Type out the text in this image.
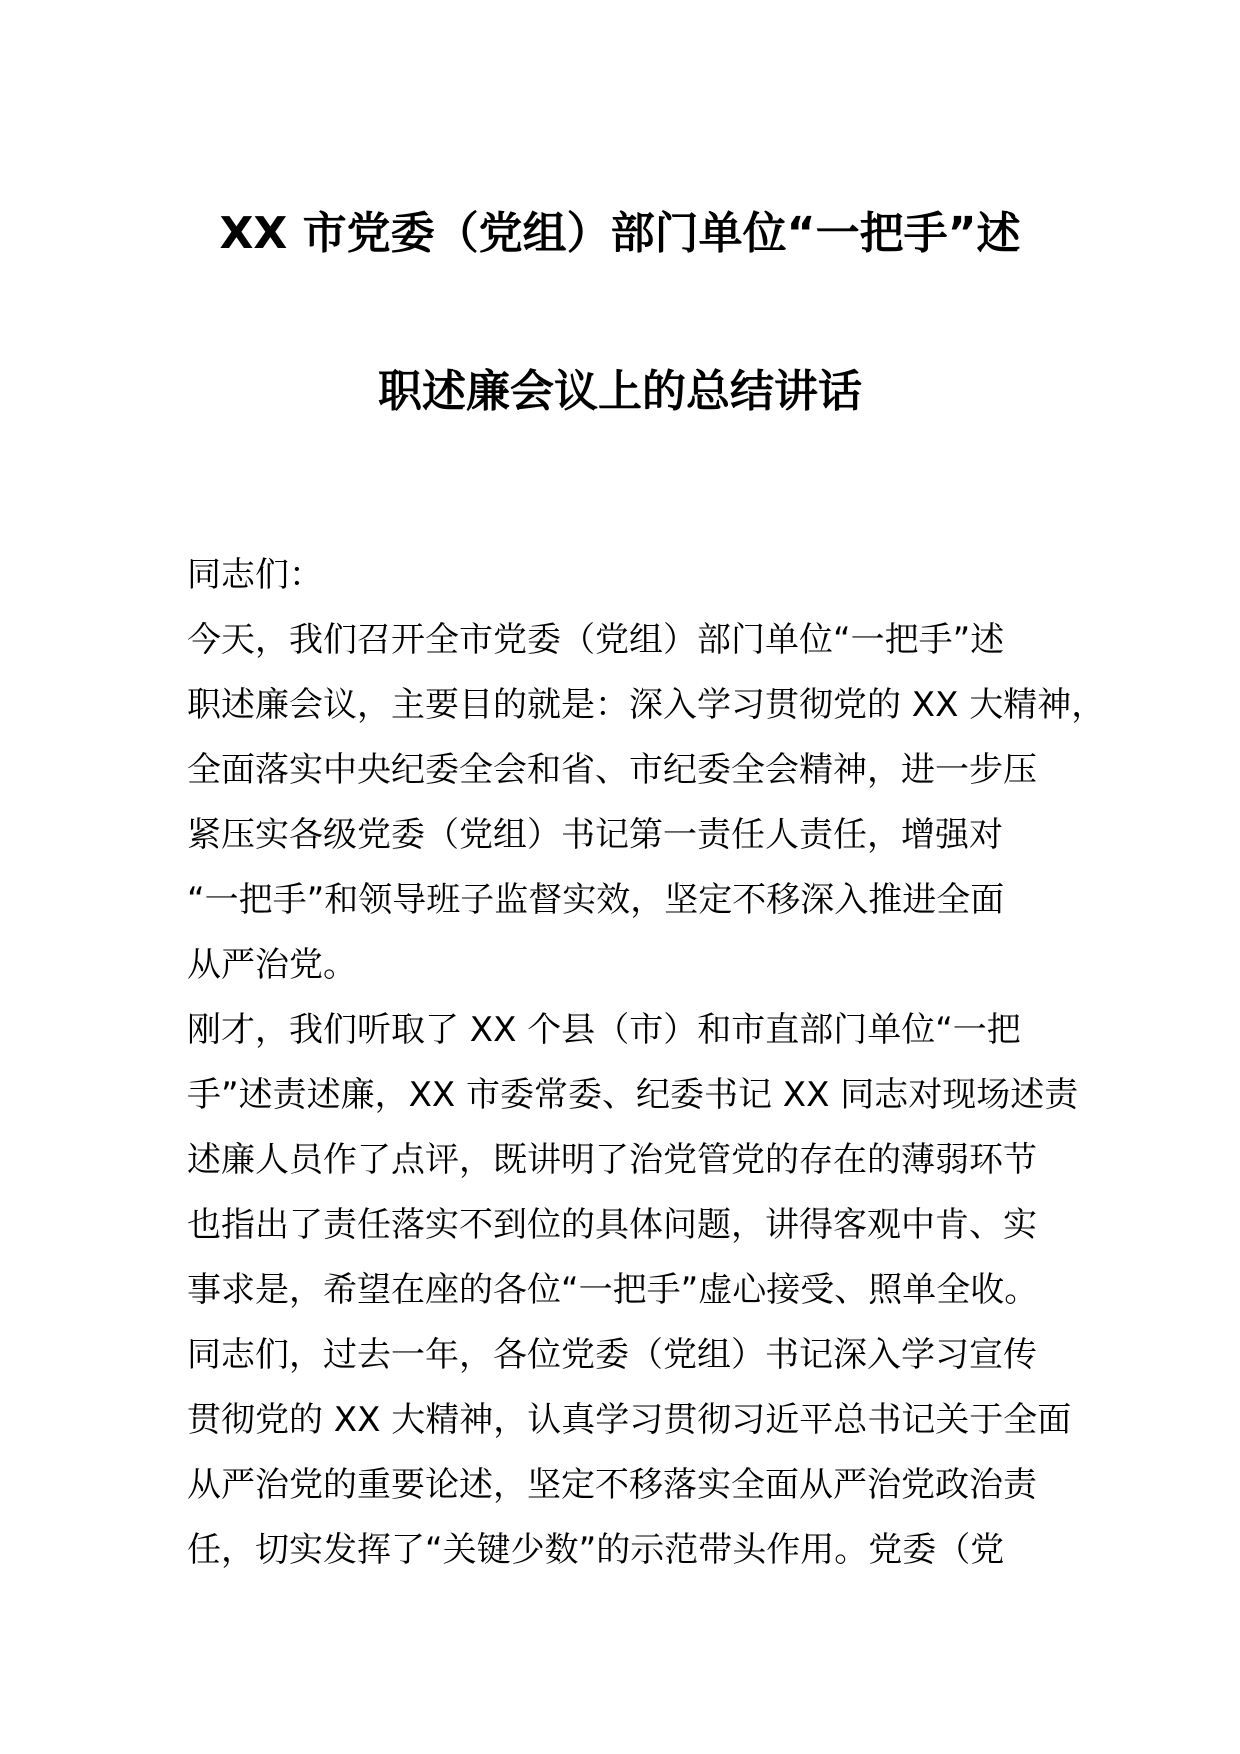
XX 市党委（党组）部门单位“一把手”述
职述廉会议上的总结讲话
同志们：
今天，我们召开全市党委（党组）部门单位“一把手”述
职述廉会议，主要目的就是：深入学习贯彻党的 XX 大精神，
全面落实中央纪委全会和省、市纪委全会精神，进一步压
紧压实各级党委（党组）书记第一责任人责任，增强对
“一把手”和领导班子监督实效，坚定不移深入推进全面
从严治党。
刚才，我们听取了 XX 个县（市）和市直部门单位“一把
手”述责述廉，XX 市委常委、纪委书记 XX 同志对现场述责
述廉人员作了点评，既讲明了治党管党的存在的薄弱环节
也指出了责任落实不到位的具体问题，讲得客观中肯、实
事求是，希望在座的各位“一把手”虚心接受、照单全收。
同志们，过去一年，各位党委（党组）书记深入学习宣传
贯彻党的 XX 大精神，认真学习贯彻习近平总书记关于全面
从严治党的重要论述，坚定不移落实全面从严治党政治责
任，切实发挥了“关键少数”的示范带头作用。党委（党
